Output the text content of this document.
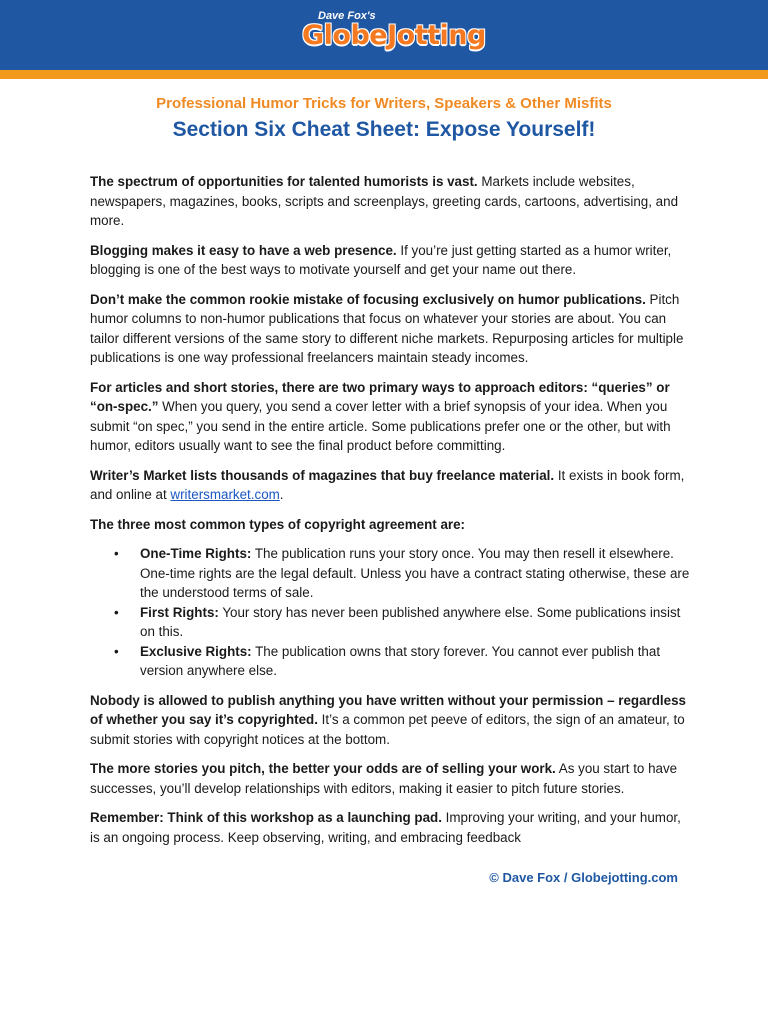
Dave Fox's
GlobeJotting
Professional Humor Tricks for Writers, Speakers & Other Misfits
Section Six Cheat Sheet: Expose Yourself!

The spectrum of opportunities for talented humorists is vast. Markets include websites, newspapers, magazines, books, scripts and screenplays, greeting cards, cartoons, advertising, and more.

Blogging makes it easy to have a web presence. If you’re just getting started as a humor writer, blogging is one of the best ways to motivate yourself and get your name out there.

Don’t make the common rookie mistake of focusing exclusively on humor publications. Pitch humor columns to non-humor publications that focus on whatever your stories are about. You can tailor different versions of the same story to different niche markets. Repurposing articles for multiple publications is one way professional freelancers maintain steady incomes.

For articles and short stories, there are two primary ways to approach editors: “queries” or “on-spec.” When you query, you send a cover letter with a brief synopsis of your idea. When you submit “on spec,” you send in the entire article. Some publications prefer one or the other, but with humor, editors usually want to see the final product before committing.

Writer’s Market lists thousands of magazines that buy freelance material. It exists in book form, and online at writersmarket.com.

The three most common types of copyright agreement are:

• One-Time Rights: The publication runs your story once. You may then resell it elsewhere. One-time rights are the legal default. Unless you have a contract stating otherwise, these are the understood terms of sale.
• First Rights: Your story has never been published anywhere else. Some publications insist on this.
• Exclusive Rights: The publication owns that story forever. You cannot ever publish that version anywhere else.

Nobody is allowed to publish anything you have written without your permission – regardless of whether you say it’s copyrighted. It’s a common pet peeve of editors, the sign of an amateur, to submit stories with copyright notices at the bottom.

The more stories you pitch, the better your odds are of selling your work. As you start to have successes, you’ll develop relationships with editors, making it easier to pitch future stories.

Remember: Think of this workshop as a launching pad. Improving your writing, and your humor, is an ongoing process. Keep observing, writing, and embracing feedback

© Dave Fox / Globejotting.com
